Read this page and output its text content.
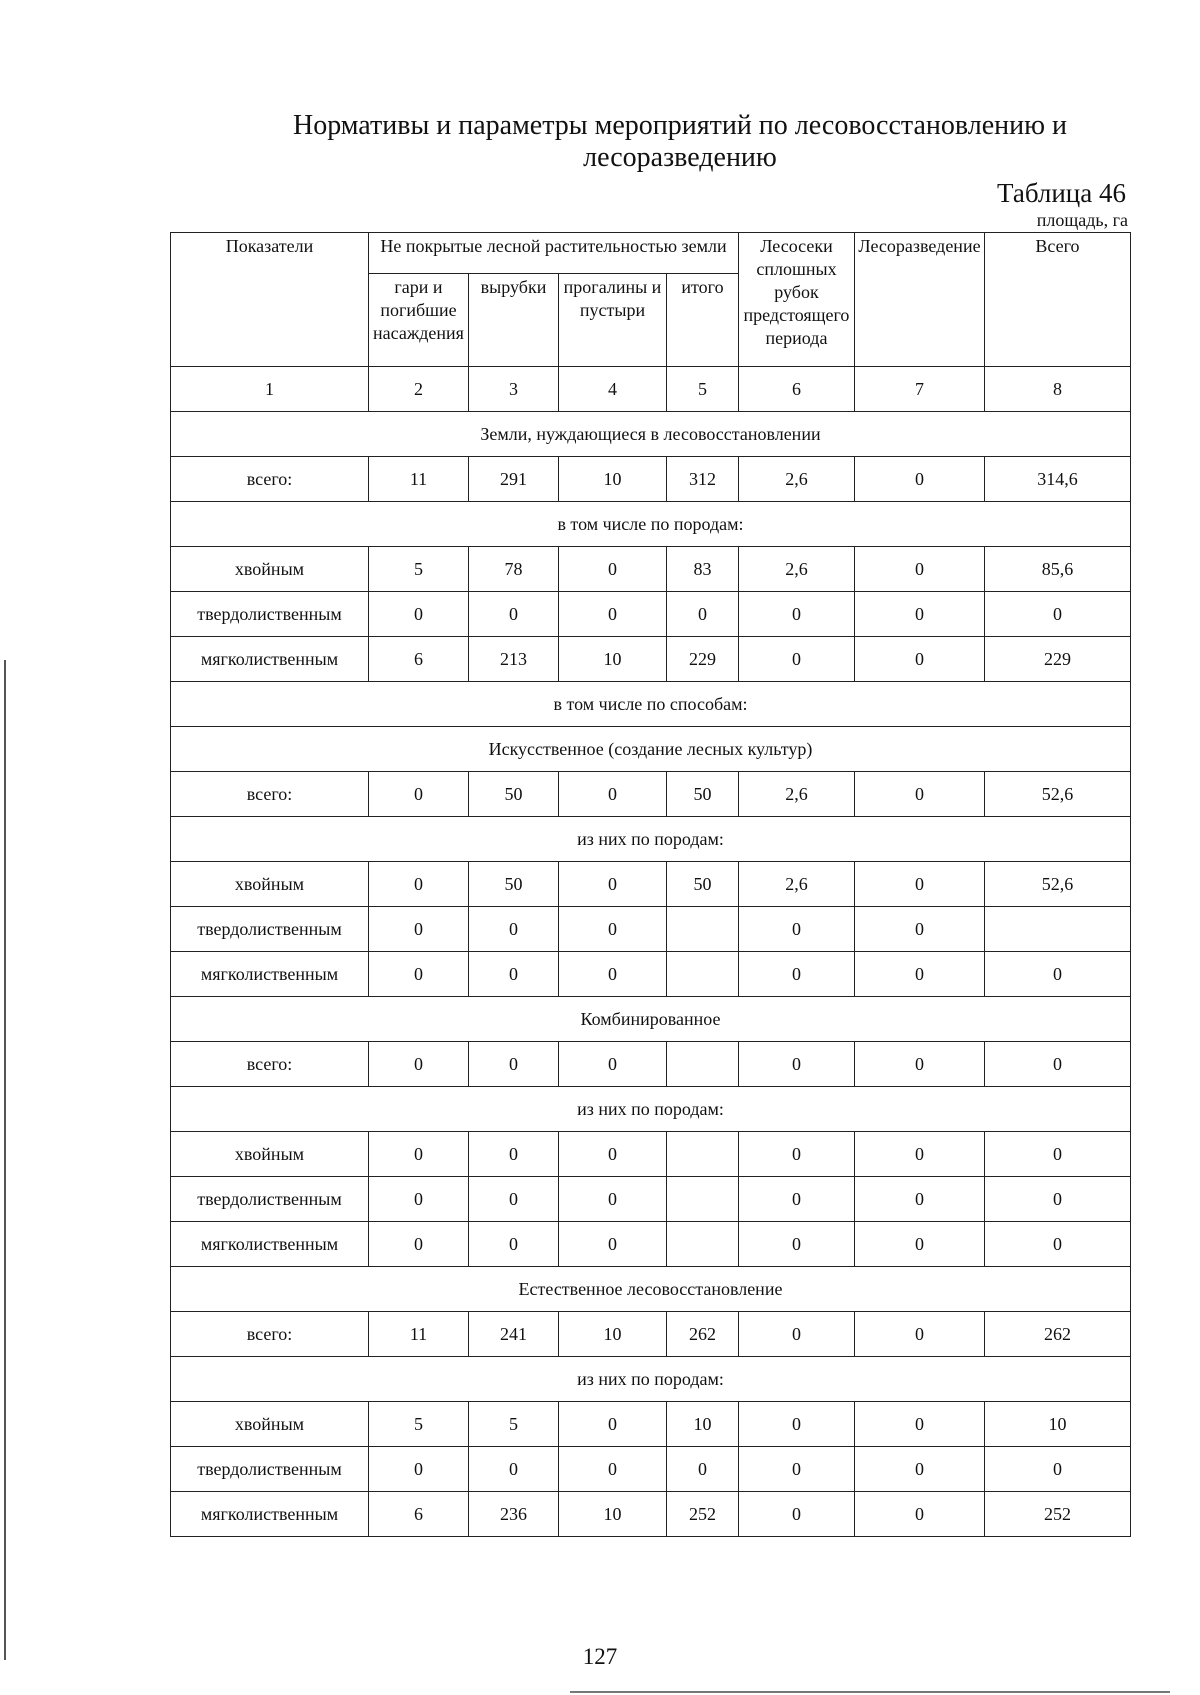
Нормативы и параметры мероприятий по лесовосстановлению и лесоразведению
Таблица 46
площадь, га
Показатели	Не покрытые лесной растительностью земли				Лесосеки сплошных рубок предстоящего периода	Лесоразведение	Всего
	гари и погибшие насаждения	вырубки	прогалины и пустыри	итого			
1	2	3	4	5	6	7	8
Земли, нуждающиеся в лесовосстановлении							
всего:	11	291	10	312	2,6	0	314,6
в том числе по породам:							
хвойным	5	78	0	83	2,6	0	85,6
твердолиственным	0	0	0	0	0	0	0
мягколиственным	6	213	10	229	0	0	229
в том числе по способам:							
Искусственное (создание лесных культур)							
всего:	0	50	0	50	2,6	0	52,6
из них по породам:							
хвойным	0	50	0	50	2,6	0	52,6
твердолиственным	0	0	0		0	0	
мягколиственным	0	0	0		0	0	0
Комбинированное							
всего:	0	0	0		0	0	0
из них по породам:							
хвойным	0	0	0		0	0	0
твердолиственным	0	0	0		0	0	0
мягколиственным	0	0	0		0	0	0
Естественное лесовосстановление							
всего:	11	241	10	262	0	0	262
из них по породам:							
хвойным	5	5	0	10	0	0	10
твердолиственным	0	0	0	0	0	0	0
мягколиственным	6	236	10	252	0	0	252
127
